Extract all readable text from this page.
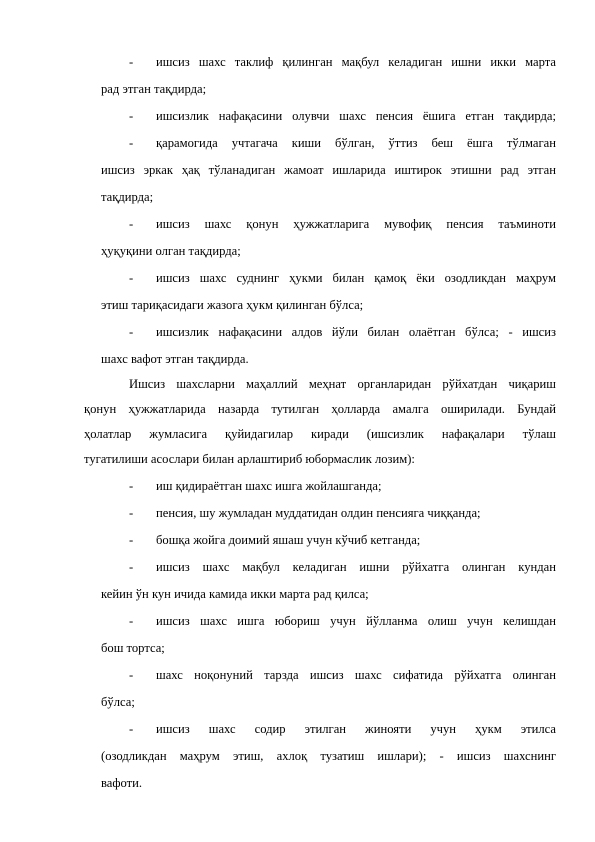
- ишсиз шахс таклиф қилинган мақбул келадиган ишни икки марта
рад этган тақдирда;
- ишсизлик нафақасини олувчи шахс пенсия ёшига етган тақдирда;
- қарамогида учтагача киши бўлган, ўттиз беш ёшга тўлмаган
ишсиз эркак ҳақ тўланадиган жамоат ишларида иштирок этишни рад этган
тақдирда;
- ишсиз шахс қонун ҳужжатларига мувофиқ пенсия таъминоти
ҳуқуқини олган тақдирда;
- ишсиз шахс суднинг ҳукми билан қамоқ ёки озодликдан маҳрум
этиш тариқасидаги жазога ҳукм қилинган бўлса;
- ишсизлик нафақасини алдов йўли билан олаётган бўлса; - ишсиз
шахс вафот этган тақдирда.
Ишсиз шахсларни маҳаллий меҳнат органларидан рўйхатдан чиқариш
қонун ҳужжатларида назарда тутилган ҳолларда амалга оширилади. Бундай
ҳолатлар жумласига қуйидагилар киради (ишсизлик нафақалари тўлаш
тугатилиши асослари билан арлаштириб юбормаслик лозим):
- иш қидираётган шахс ишга жойлашганда;
- пенсия, шу жумладан муддатидан олдин пенсияга чиққанда;
- бошқа жойга доимий яшаш учун кўчиб кетганда;
- ишсиз шахс мақбул келадиган ишни рўйхатга олинган кундан
кейин ўн кун ичида камида икки марта рад қилса;
- ишсиз шахс ишга юбориш учун йўлланма олиш учун келишдан
бош тортса;
- шахс ноқонуний тарзда ишсиз шахс сифатида рўйхатга олинган
бўлса;
- ишсиз шахс содир этилган жинояти учун ҳукм этилса
(озодликдан маҳрум этиш, ахлоқ тузатиш ишлари); - ишсиз шахснинг
вафоти.
